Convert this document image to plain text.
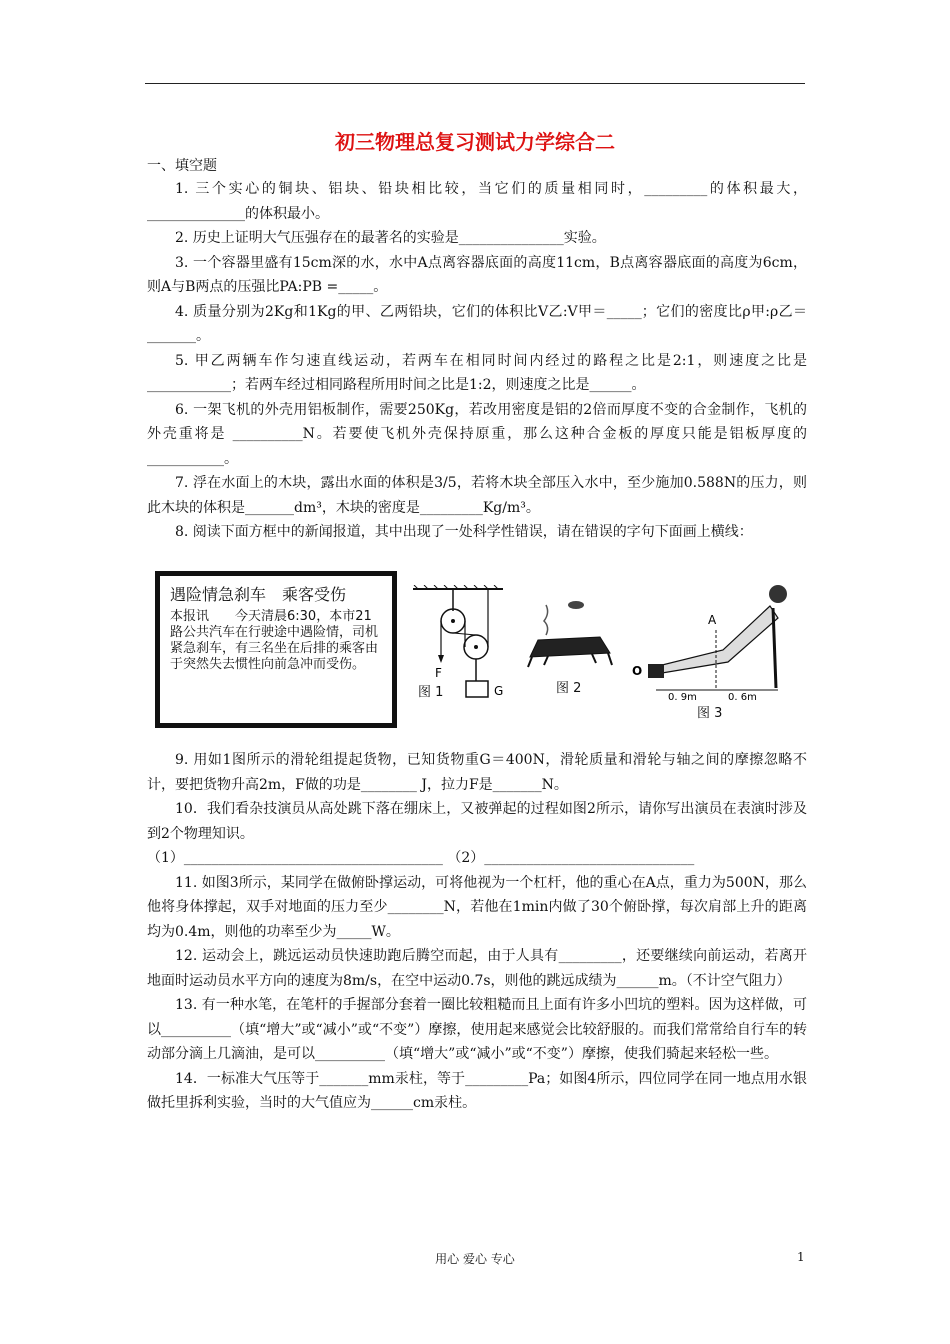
初三物理总复习测试力学综合二
一、填空题

1. 三个实心的铜块、铝块、铅块相比较，当它们的质量相同时，_________的体积最大，______________的体积最小。

2. 历史上证明大气压强存在的最著名的实验是_______________实验。

3. 一个容器里盛有15cm深的水，水中A点离容器底面的高度11cm，B点离容器底面的高度为6cm，则A与B两点的压强比PA:PB =_____。

4. 质量分别为2Kg和1Kg的甲、乙两铅块，它们的体积比V乙:V甲＝_____；它们的密度比ρ甲:ρ乙＝_______。

5. 甲乙两辆车作匀速直线运动，若两车在相同时间内经过的路程之比是2:1，则速度之比是____________；若两车经过相同路程所用时间之比是1:2，则速度之比是______。

6. 一架飞机的外壳用铝板制作，需要250Kg，若改用密度是铝的2倍而厚度不变的合金制作，飞机的外壳重将是 __________N。若要使飞机外壳保持原重，那么这种合金板的厚度只能是铝板厚度的 ___________。

7. 浮在水面上的木块，露出水面的体积是3/5，若将木块全部压入水中，至少施加0.588N的压力，则此木块的体积是_______dm³，木块的密度是_________Kg/m³。

8. 阅读下面方框中的新闻报道，其中出现了一处科学性错误，请在错误的字句下面画上横线：

遇险情急刹车　乘客受伤
本报讯　　今天清晨6:30，本市21路公共汽车在行驶途中遇险情，司机紧急刹车，有三名坐在后排的乘客由于突然失去惯性向前急冲而受伤。
F
G
图 1	图 2
O
A
0. 9m	0. 6m
图 3

9. 用如1图所示的滑轮组提起货物，已知货物重G＝400N，滑轮质量和滑轮与轴之间的摩擦忽略不计，要把货物升高2m，F做的功是________ J，拉力F是_______N。

10．我们看杂技演员从高处跳下落在绷床上，又被弹起的过程如图2所示，请你写出演员在表演时涉及到2个物理知识。

（1）_____________________________________ （2）______________________________

11. 如图3所示，某同学在做俯卧撑运动，可将他视为一个杠杆，他的重心在A点，重力为500N，那么他将身体撑起，双手对地面的压力至少________N，若他在1min内做了30个俯卧撑，每次肩部上升的距离均为0.4m，则他的功率至少为_____W。

12. 运动会上，跳远运动员快速助跑后腾空而起，由于人具有_________，还要继续向前运动，若离开地面时运动员水平方向的速度为8m/s，在空中运动0.7s，则他的跳远成绩为______m。（不计空气阻力）

13. 有一种水笔，在笔杆的手握部分套着一圈比较粗糙而且上面有许多小凹坑的塑料。因为这样做，可以__________（填“增大”或“减小”或“不变”）摩擦，使用起来感觉会比较舒服的。而我们常常给自行车的转动部分滴上几滴油，是可以__________（填“增大”或“减小”或“不变”）摩擦，使我们骑起来轻松一些。

14．一标准大气压等于_______mm汞柱，等于_________Pa；如图4所示，四位同学在同一地点用水银做托里拆利实验，当时的大气值应为______cm汞柱。

用心 爱心 专心	1
